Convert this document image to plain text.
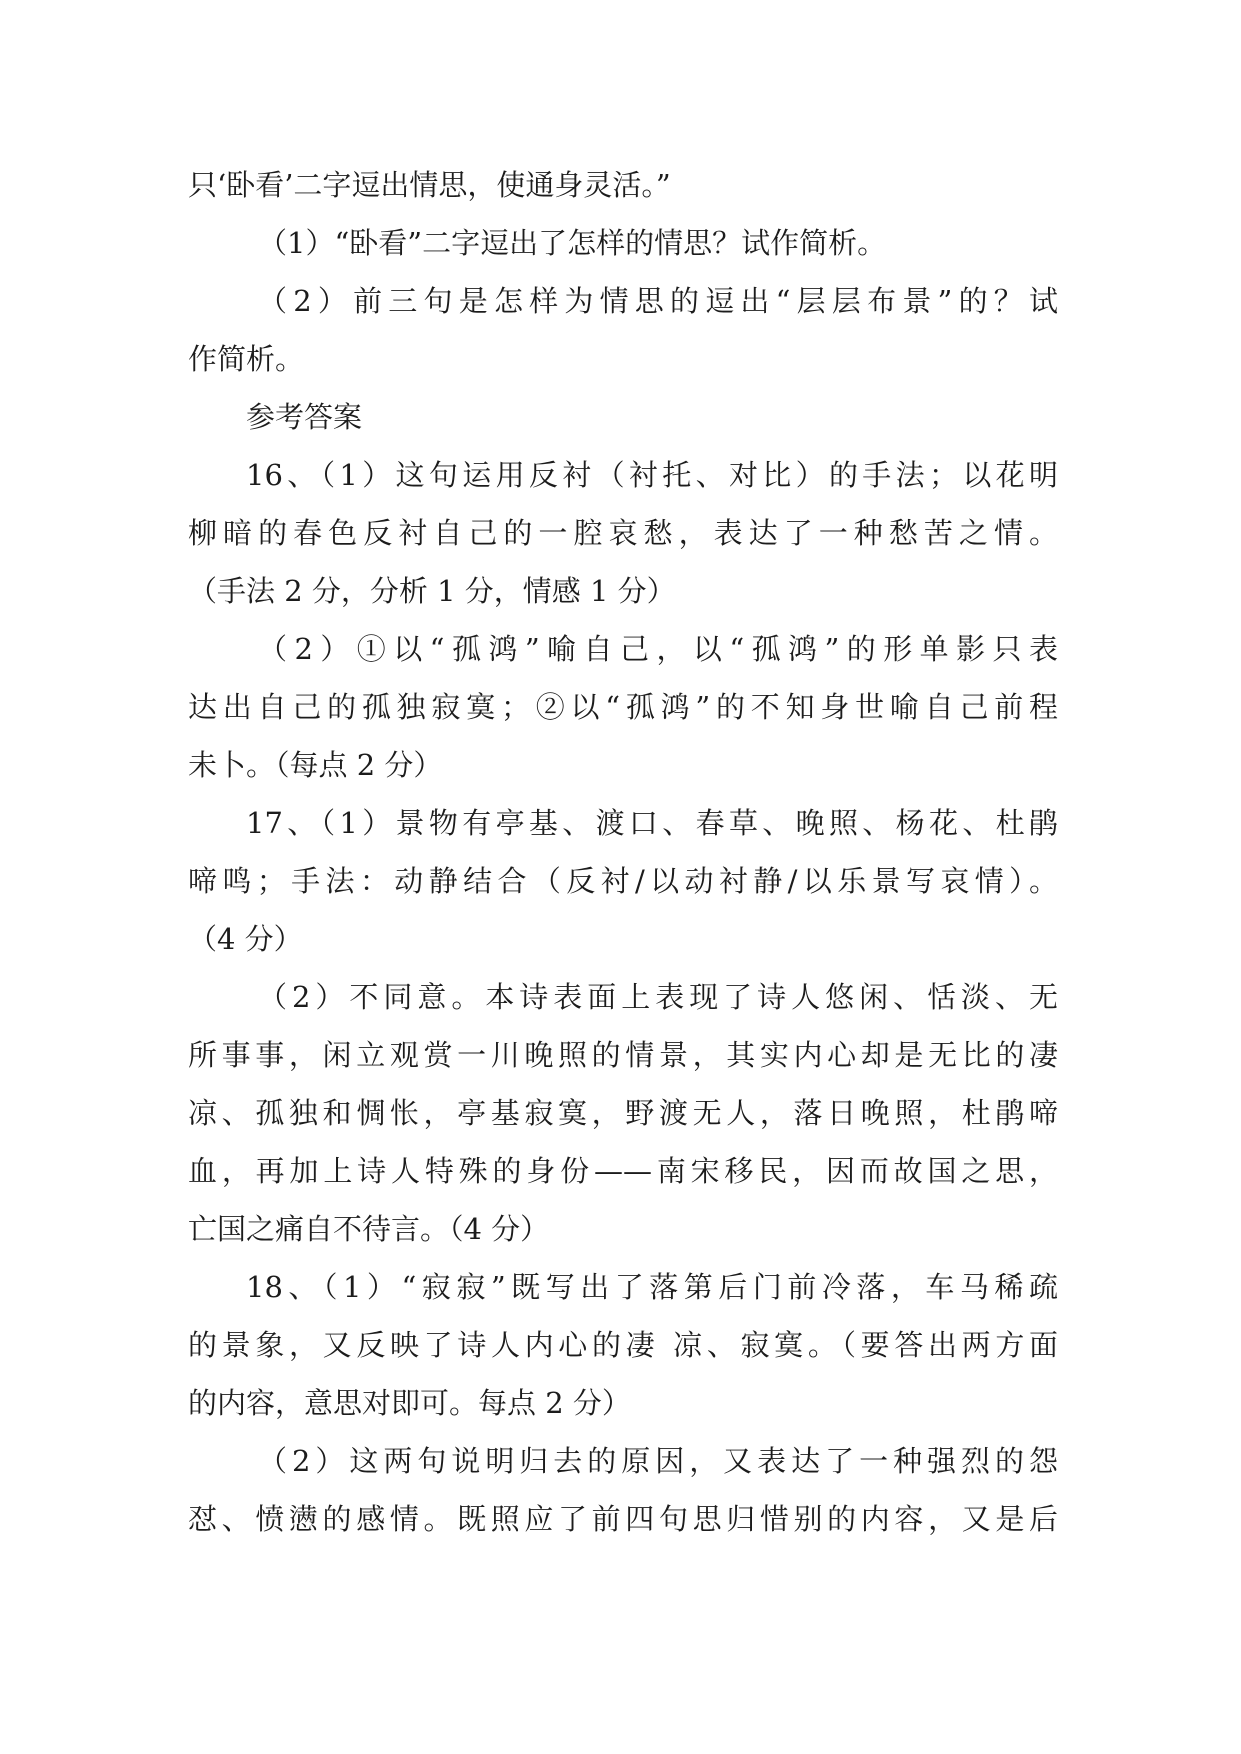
只‘卧看’二字逗出情思，使通身灵活。”
（1）“卧看”二字逗出了怎样的情思？试作简析。
（2）前三句是怎样为情思的逗出“层层布景”的？试
作简析。
参考答案
16、（1）这句运用反衬（衬托、对比）的手法；以花明
柳暗的春色反衬自己的一腔哀愁，表达了一种愁苦之情。
（手法 2 分，分析 1 分，情感 1 分）
（2）①以“孤鸿”喻自己，以“孤鸿”的形单影只表
达出自己的孤独寂寞；②以“孤鸿”的不知身世喻自己前程
未卜。（每点 2 分）
17、（1）景物有亭基、渡口、春草、晚照、杨花、杜鹃
啼鸣；手法：动静结合（反衬/以动衬静/以乐景写哀情）。
（4 分）
（2）不同意。本诗表面上表现了诗人悠闲、恬淡、无
所事事，闲立观赏一川晚照的情景，其实内心却是无比的凄
凉、孤独和惆怅，亭基寂寞，野渡无人，落日晚照，杜鹃啼
血，再加上诗人特殊的身份——南宋移民，因而故国之思，
亡国之痛自不待言。（4 分）
18、（1）“寂寂”既写出了落第后门前冷落，车马稀疏
的景象，又反映了诗人内心的凄 凉、寂寞。（要答出两方面
的内容，意思对即可。每点 2 分）
（2）这两句说明归去的原因，又表达了一种强烈的怨
怼、愤懑的感情。既照应了前四句思归惜别的内容，又是后
